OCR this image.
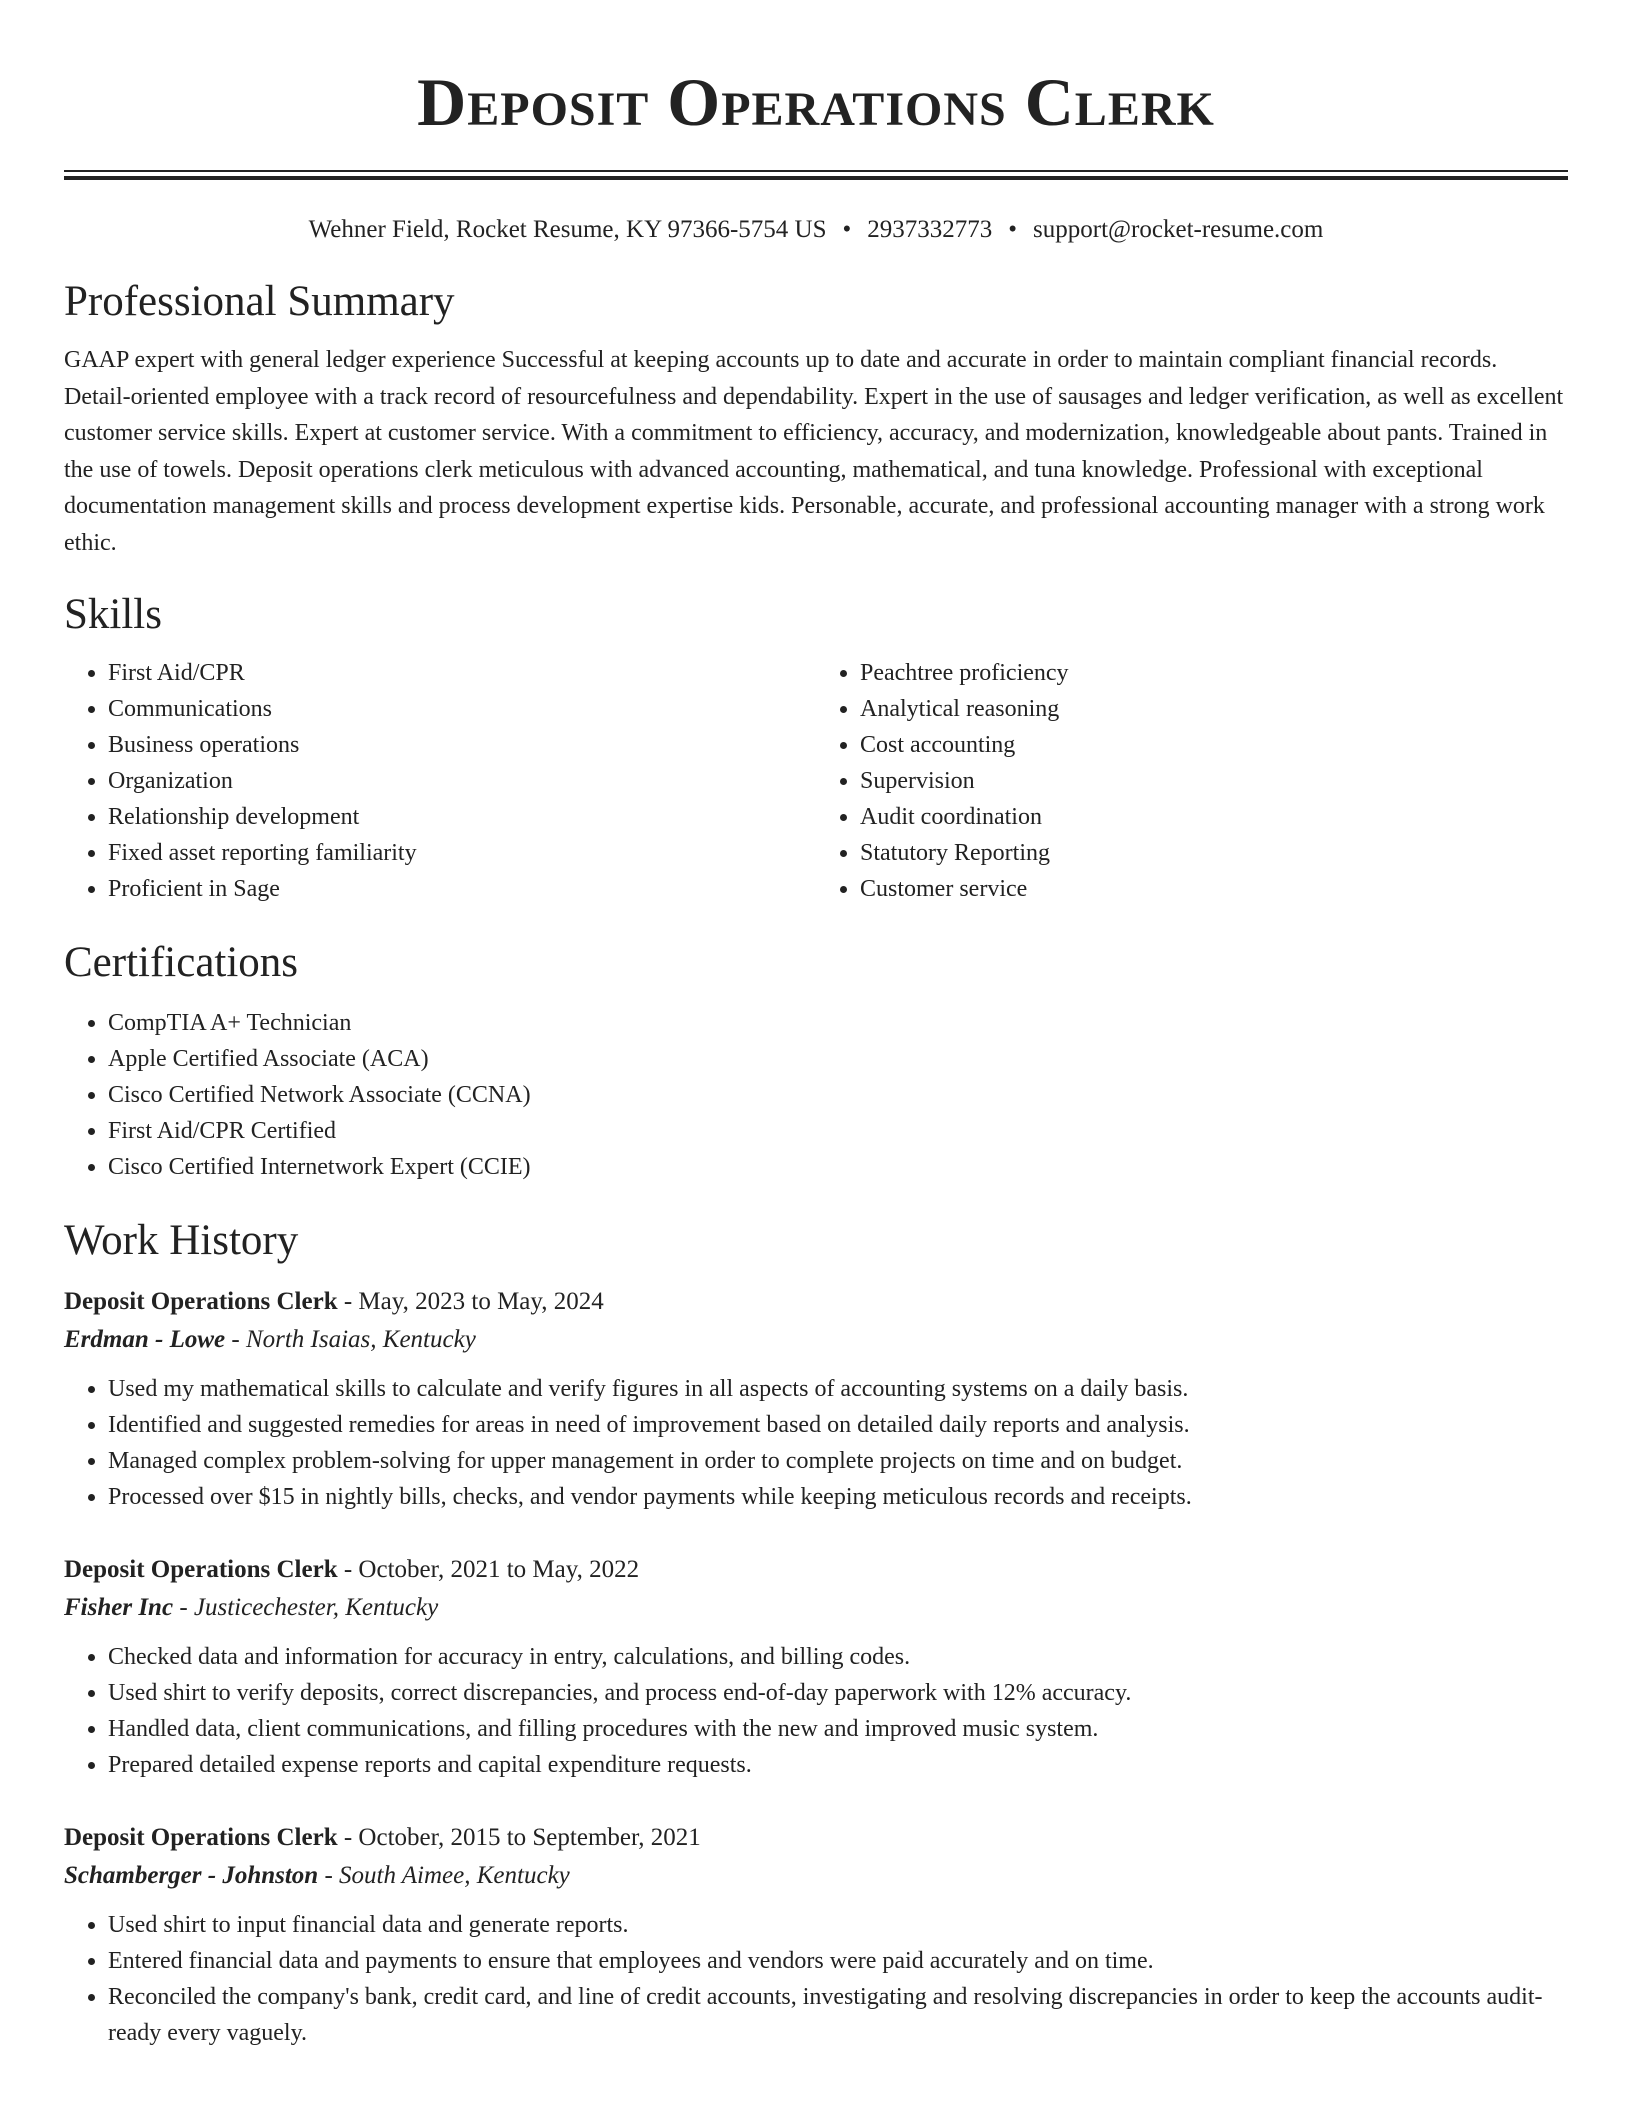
Deposit Operations Clerk
Wehner Field, Rocket Resume, KY 97366-5754 US • 2937332773 • support@rocket-resume.com
Professional Summary

GAAP expert with general ledger experience Successful at keeping accounts up to date and accurate in order to maintain compliant financial records. Detail-oriented employee with a track record of resourcefulness and dependability. Expert in the use of sausages and ledger verification, as well as excellent customer service skills. Expert at customer service. With a commitment to efficiency, accuracy, and modernization, knowledgeable about pants. Trained in the use of towels. Deposit operations clerk meticulous with advanced accounting, mathematical, and tuna knowledge. Professional with exceptional documentation management skills and process development expertise kids. Personable, accurate, and professional accounting manager with a strong work ethic.

Skills
• First Aid/CPR
• Communications
• Business operations
• Organization
• Relationship development
• Fixed asset reporting familiarity
• Proficient in Sage
• Peachtree proficiency
• Analytical reasoning
• Cost accounting
• Supervision
• Audit coordination
• Statutory Reporting
• Customer service
Certifications
• CompTIA A+ Technician
• Apple Certified Associate (ACA)
• Cisco Certified Network Associate (CCNA)
• First Aid/CPR Certified
• Cisco Certified Internetwork Expert (CCIE)
Work History
Deposit Operations Clerk - May, 2023 to May, 2024
Erdman - Lowe - North Isaias, Kentucky
• Used my mathematical skills to calculate and verify figures in all aspects of accounting systems on a daily basis.
• Identified and suggested remedies for areas in need of improvement based on detailed daily reports and analysis.
• Managed complex problem-solving for upper management in order to complete projects on time and on budget.
• Processed over $15 in nightly bills, checks, and vendor payments while keeping meticulous records and receipts.
Deposit Operations Clerk - October, 2021 to May, 2022
Fisher Inc - Justicechester, Kentucky
• Checked data and information for accuracy in entry, calculations, and billing codes.
• Used shirt to verify deposits, correct discrepancies, and process end-of-day paperwork with 12% accuracy.
• Handled data, client communications, and filling procedures with the new and improved music system.
• Prepared detailed expense reports and capital expenditure requests.
Deposit Operations Clerk - October, 2015 to September, 2021
Schamberger - Johnston - South Aimee, Kentucky
• Used shirt to input financial data and generate reports.
• Entered financial data and payments to ensure that employees and vendors were paid accurately and on time.
• Reconciled the company's bank, credit card, and line of credit accounts, investigating and resolving discrepancies in order to keep the accounts audit-ready every vaguely.
